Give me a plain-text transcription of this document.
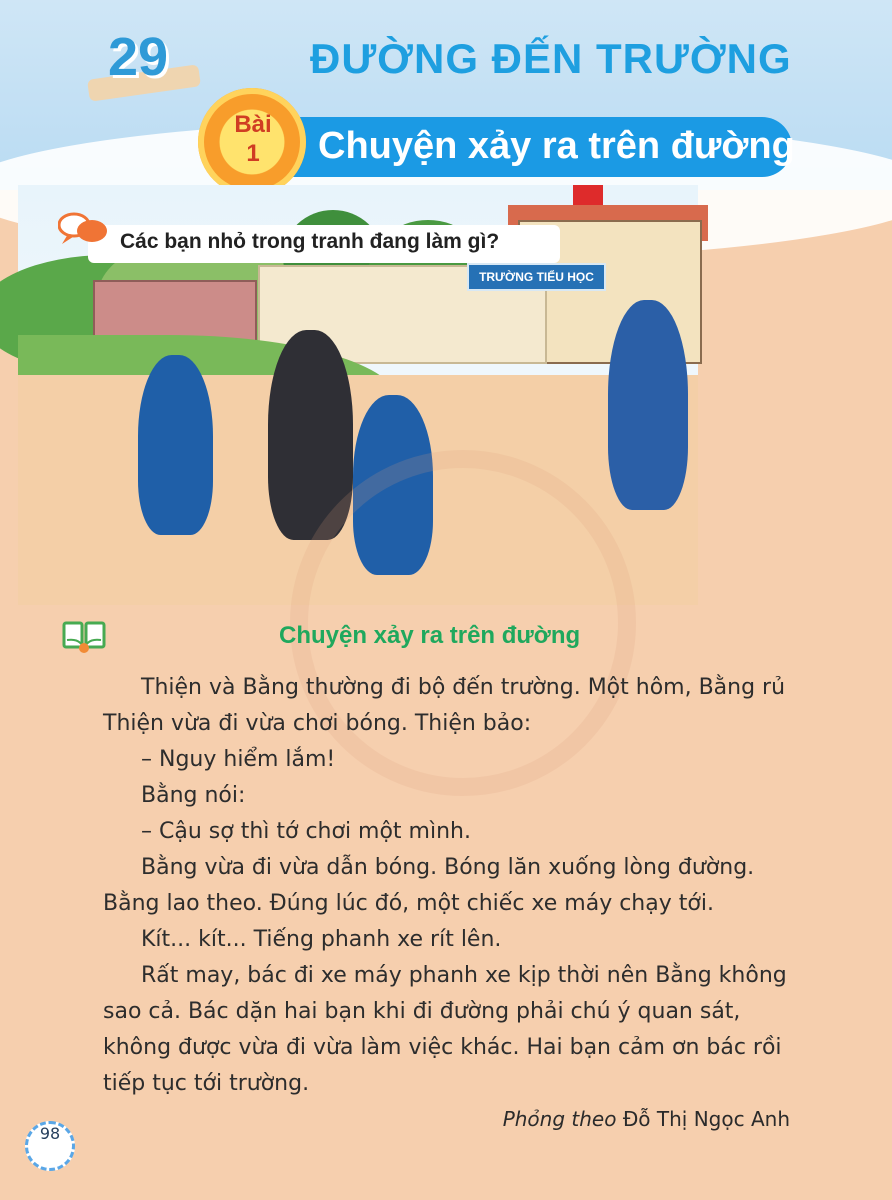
29	ĐƯỜNG ĐẾN TRƯỜNG
Bài
1	Chuyện xảy ra trên đường
Các bạn nhỏ trong tranh đang làm gì?
TRƯỜNG TIỂU HỌC
Chuyện xảy ra trên đường

Thiện và Bằng thường đi bộ đến trường. Một hôm, Bằng rủ Thiện vừa đi vừa chơi bóng. Thiện bảo:

– Nguy hiểm lắm!

Bằng nói:

– Cậu sợ thì tớ chơi một mình.

Bằng vừa đi vừa dẫn bóng. Bóng lăn xuống lòng đường. Bằng lao theo. Đúng lúc đó, một chiếc xe máy chạy tới.

Kít... kít... Tiếng phanh xe rít lên.

Rất may, bác đi xe máy phanh xe kịp thời nên Bằng không sao cả. Bác dặn hai bạn khi đi đường phải chú ý quan sát, không được vừa đi vừa làm việc khác. Hai bạn cảm ơn bác rồi tiếp tục tới trường.

Phỏng theo Đỗ Thị Ngọc Anh
98
